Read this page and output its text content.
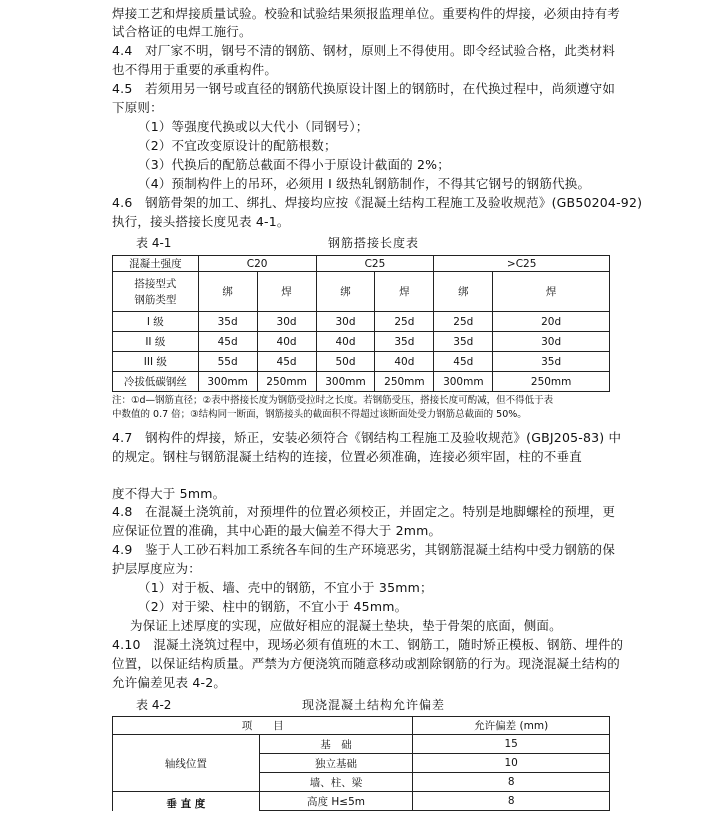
焊接工艺和焊接质量试验。校验和试验结果须报监理单位。重要构件的焊接，必须由持有考
试合格证的电焊工施行。
4.4　对厂家不明，钢号不清的钢筋、钢材，原则上不得使用。即令经试验合格，此类材料
也不得用于重要的承重构件。
4.5　若须用另一钢号或直径的钢筋代换原设计图上的钢筋时，在代换过程中，尚须遵守如
下原则：
（1）等强度代换或以大代小（同钢号）；
（2）不宜改变原设计的配筋根数；
（3）代换后的配筋总截面不得小于原设计截面的 2%；
（4）预制构件上的吊环，必须用 I 级热轧钢筋制作，不得其它钢号的钢筋代换。
4.6　钢筋骨架的加工、绑扎、焊接均应按《混凝土结构工程施工及验收规范》(GB50204-92)
执行，接头搭接长度见表 4-1。
表 4-1	钢筋搭接长度表
混凝土强度	C20		C25		>C25	

搭接型式
钢筋类型	绑	焊	绑	焊	绑	焊
I 级	35d	30d	30d	25d	25d	20d
II 级	45d	40d	40d	35d	35d	30d
III 级	55d	45d	50d	40d	45d	35d
冷拔低碳钢丝	300mm	250mm	300mm	250mm	300mm	250mm
注：①d—钢筋直径；②表中搭接长度为钢筋受拉时之长度。若钢筋受压，搭接长度可酌减，但不得低于表
中数值的 0.7 倍；③结构同一断面，钢筋接头的截面积不得超过该断面处受力钢筋总截面的 50%。
4.7　钢构件的焊接，矫正，安装必须符合《钢结构工程施工及验收规范》(GBJ205-83) 中
的规定。钢柱与钢筋混凝土结构的连接，位置必须准确，连接必须牢固，柱的不垂直
度不得大于 5mm。
4.8　在混凝土浇筑前，对预埋件的位置必须校正，并固定之。特别是地脚螺栓的预埋，更
应保证位置的准确，其中心距的最大偏差不得大于 2mm。
4.9　鉴于人工砂石料加工系统各车间的生产环境恶劣，其钢筋混凝土结构中受力钢筋的保
护层厚度应为：
（1）对于板、墙、壳中的钢筋，不宜小于 35mm；
（2）对于梁、柱中的钢筋，不宜小于 45mm。
为保证上述厚度的实现，应做好相应的混凝土垫块，垫于骨架的底面，侧面。
4.10　混凝土浇筑过程中，现场必须有值班的木工、钢筋工，随时矫正模板、钢筋、埋件的
位置，以保证结构质量。严禁为方便浇筑而随意移动或割除钢筋的行为。现浇混凝土结构的
允许偏差见表 4-2。
表 4-2	现浇混凝土结构允许偏差
项　　目		允许偏差 (mm)
轴线位置	基　础	15
	独立基础	10
	墙、柱、梁	8
垂 直 度	高度 H≤5m	8
